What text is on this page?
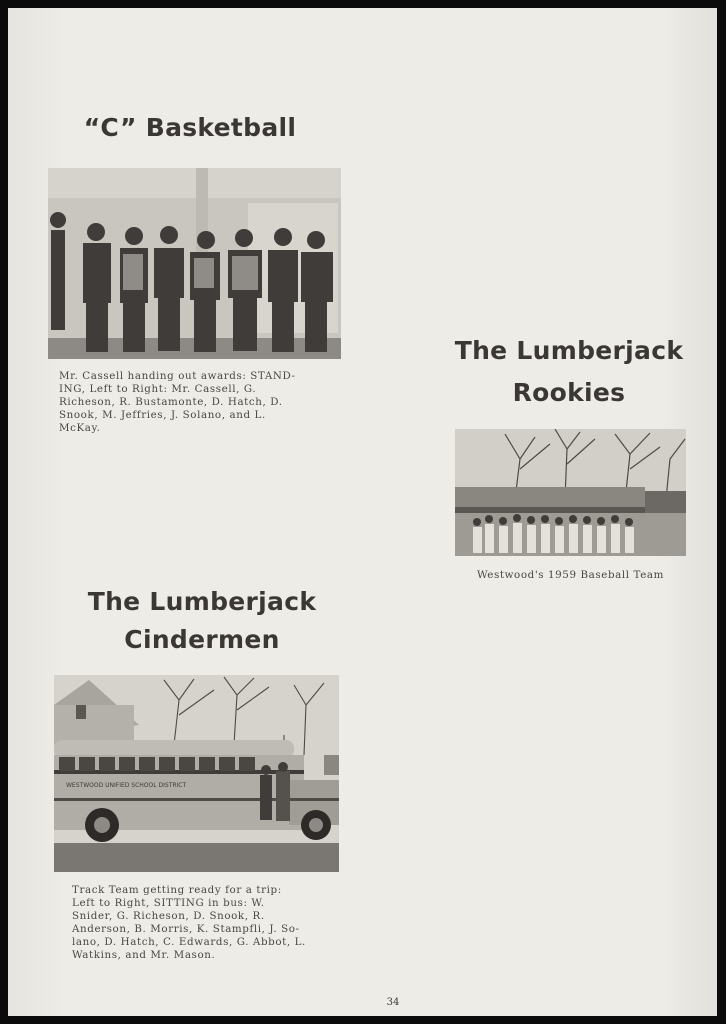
“C” Basketball

Mr. Cassell handing out awards: STAND-
ING, Left to Right: Mr. Cassell, G.
Richeson, R. Bustamonte, D. Hatch, D.
Snook, M. Jeffries, J. Solano, and L.
McKay.

The Lumberjack
Rookies

Westwood's 1959 Baseball Team

The Lumberjack
Cindermen
WESTWOOD UNIFIED SCHOOL DISTRICT

Track Team getting ready for a trip:
Left to Right, SITTING in bus: W.
Snider, G. Richeson, D. Snook, R.
Anderson, B. Morris, K. Stampfli, J. So-
lano, D. Hatch, C. Edwards, G. Abbot, L.
Watkins, and Mr. Mason.

34
